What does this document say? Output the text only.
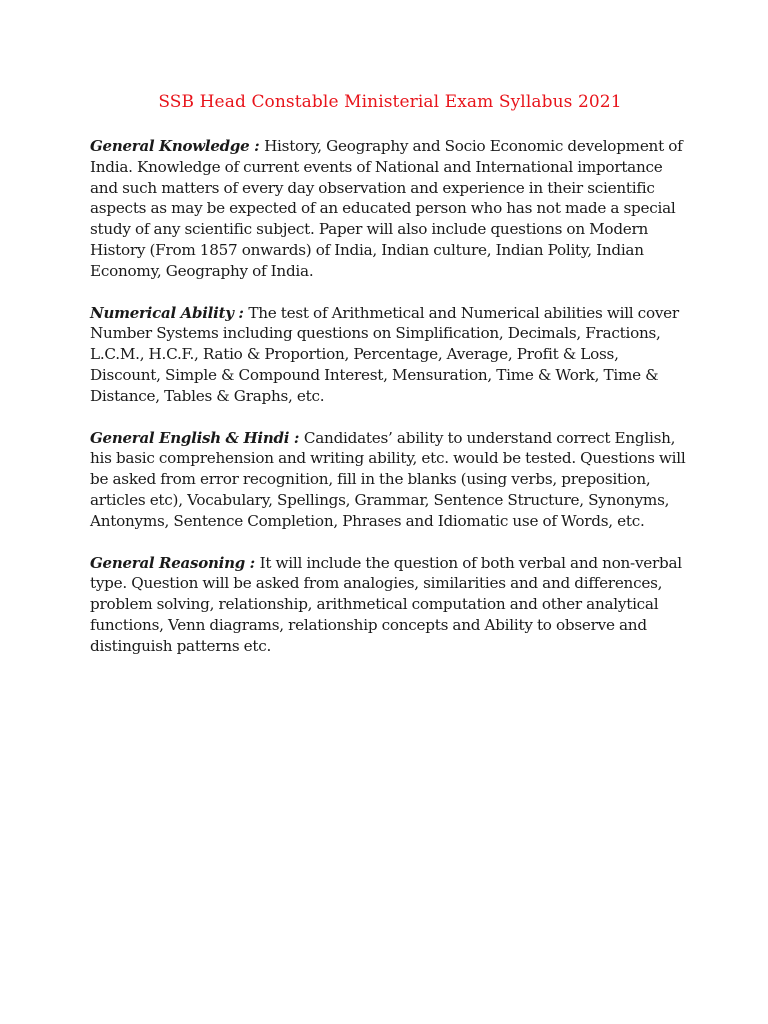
SSB Head Constable Ministerial Exam Syllabus 2021

General Knowledge : History, Geography and Socio Economic development of India. Knowledge of current events of National and International importance and such matters of every day observation and experience in their scientific aspects as may be expected of an educated person who has not made a special study of any scientific subject. Paper will also include questions on Modern History (From 1857 onwards) of India, Indian culture, Indian Polity, Indian Economy, Geography of India.

Numerical Ability : The test of Arithmetical and Numerical abilities will cover Number Systems including questions on Simplification, Decimals, Fractions, L.C.M., H.C.F., Ratio & Proportion, Percentage, Average, Profit & Loss, Discount, Simple & Compound Interest, Mensuration, Time & Work, Time & Distance, Tables & Graphs, etc.

General English & Hindi : Candidates’ ability to understand correct English, his basic comprehension and writing ability, etc. would be tested. Questions will be asked from error recognition, fill in the blanks (using verbs, preposition, articles etc), Vocabulary, Spellings, Grammar, Sentence Structure, Synonyms, Antonyms, Sentence Completion, Phrases and Idiomatic use of Words, etc.

General Reasoning : It will include the question of both verbal and non-verbal type. Question will be asked from analogies, similarities and and differences, problem solving, relationship, arithmetical computation and other analytical functions, Venn diagrams, relationship concepts and Ability to observe and distinguish patterns etc.
